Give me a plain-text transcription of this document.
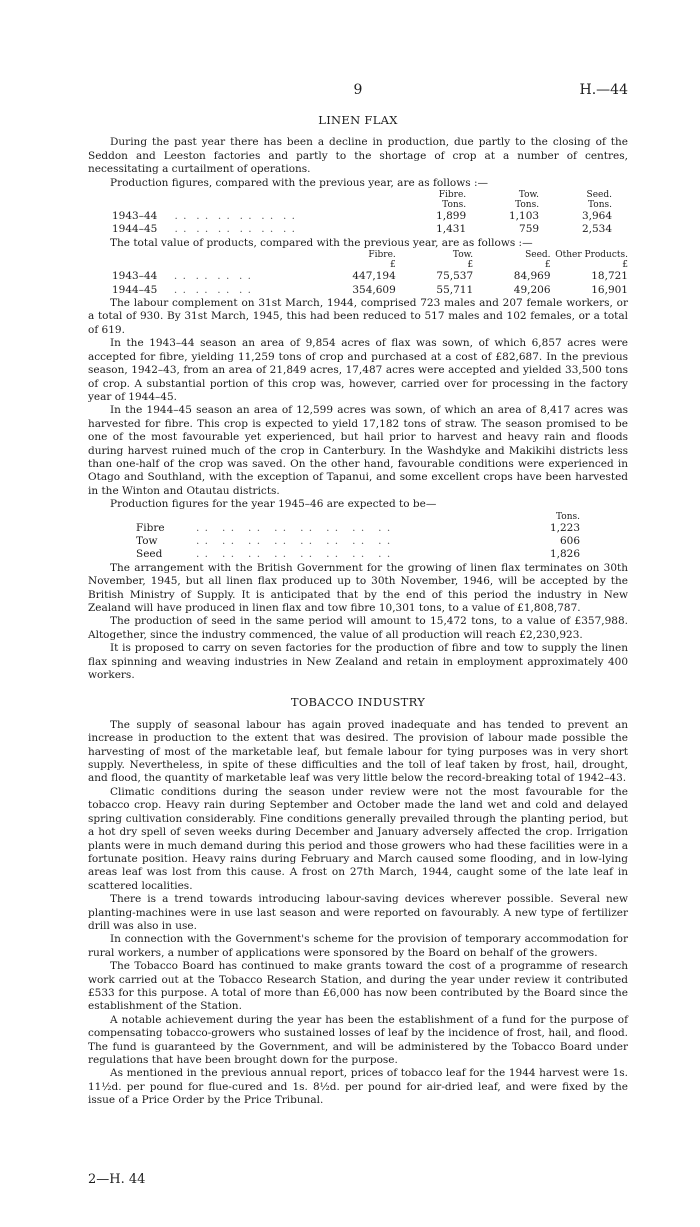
9	H.—44
LINEN FLAX

During the past year there has been a decline in production, due partly to the closing of the Seddon and Leeston factories and partly to the shortage of crop at a number of centres, necessitating a curtailment of operations.

Production figures, compared with the previous year, are as follows :—

		Fibre.	Tow.	Seed.
		Tons.	Tons.	Tons.
1943–44	. .  . .  . .  . .  . .  . .	1,899	1,103	3,964
1944–45	. .  . .  . .  . .  . .  . .	1,431	759	2,534

The total value of products, compared with the previous year, are as follows :—

		Fibre.	Tow.	Seed.	Other Products.
		£	£	£	£
1943–44	. .  . .  . .  . .	447,194	75,537	84,969	18,721
1944–45	. .  . .  . .  . .	354,609	55,711	49,206	16,901

The labour complement on 31st March, 1944, comprised 723 males and 207 female workers, or a total of 930. By 31st March, 1945, this had been reduced to 517 males and 102 females, or a total of 619.

In the 1943–44 season an area of 9,854 acres of flax was sown, of which 6,857 acres were accepted for fibre, yielding 11,259 tons of crop and purchased at a cost of £82,687. In the previous season, 1942–43, from an area of 21,849 acres, 17,487 acres were accepted and yielded 33,500 tons of crop. A substantial portion of this crop was, however, carried over for processing in the factory year of 1944–45.

In the 1944–45 season an area of 12,599 acres was sown, of which an area of 8,417 acres was harvested for fibre. This crop is expected to yield 17,182 tons of straw. The season promised to be one of the most favourable yet experienced, but hail prior to harvest and heavy rain and floods during harvest ruined much of the crop in Canterbury. In the Washdyke and Makikihi districts less than one-half of the crop was saved. On the other hand, favourable conditions were experienced in Otago and Southland, with the exception of Tapanui, and some excellent crops have been harvested in the Winton and Otautau districts.

Production figures for the year 1945–46 are expected to be—

		Tons.
Fibre	. .   . .   . .   . .   . .   . .   . .   . .	1,223
Tow	. .   . .   . .   . .   . .   . .   . .   . .	606
Seed	. .   . .   . .   . .   . .   . .   . .   . .	1,826

The arrangement with the British Government for the growing of linen flax terminates on 30th November, 1945, but all linen flax produced up to 30th November, 1946, will be accepted by the British Ministry of Supply. It is anticipated that by the end of this period the industry in New Zealand will have produced in linen flax and tow fibre 10,301 tons, to a value of £1,808,787.

The production of seed in the same period will amount to 15,472 tons, to a value of £357,988. Altogether, since the industry commenced, the value of all production will reach £2,230,923.

It is proposed to carry on seven factories for the production of fibre and tow to supply the linen flax spinning and weaving industries in New Zealand and retain in employment approximately 400 workers.

TOBACCO INDUSTRY

The supply of seasonal labour has again proved inadequate and has tended to prevent an increase in production to the extent that was desired. The provision of labour made possible the harvesting of most of the marketable leaf, but female labour for tying purposes was in very short supply. Nevertheless, in spite of these difficulties and the toll of leaf taken by frost, hail, drought, and flood, the quantity of marketable leaf was very little below the record-breaking total of 1942–43.

Climatic conditions during the season under review were not the most favourable for the tobacco crop. Heavy rain during September and October made the land wet and cold and delayed spring cultivation considerably. Fine conditions generally prevailed through the planting period, but a hot dry spell of seven weeks during December and January adversely affected the crop. Irrigation plants were in much demand during this period and those growers who had these facilities were in a fortunate position. Heavy rains during February and March caused some flooding, and in low-lying areas leaf was lost from this cause. A frost on 27th March, 1944, caught some of the late leaf in scattered localities.

There is a trend towards introducing labour-saving devices wherever possible. Several new planting-machines were in use last season and were reported on favourably. A new type of fertilizer drill was also in use.

In connection with the Government's scheme for the provision of temporary accommodation for rural workers, a number of applications were sponsored by the Board on behalf of the growers.

The Tobacco Board has continued to make grants toward the cost of a programme of research work carried out at the Tobacco Research Station, and during the year under review it contributed £533 for this purpose. A total of more than £6,000 has now been contributed by the Board since the establishment of the Station.

A notable achievement during the year has been the establishment of a fund for the purpose of compensating tobacco-growers who sustained losses of leaf by the incidence of frost, hail, and flood. The fund is guaranteed by the Government, and will be administered by the Tobacco Board under regulations that have been brought down for the purpose.

As mentioned in the previous annual report, prices of tobacco leaf for the 1944 harvest were 1s. 11½d. per pound for flue-cured and 1s. 8½d. per pound for air-dried leaf, and were fixed by the issue of a Price Order by the Price Tribunal.

2—H. 44
